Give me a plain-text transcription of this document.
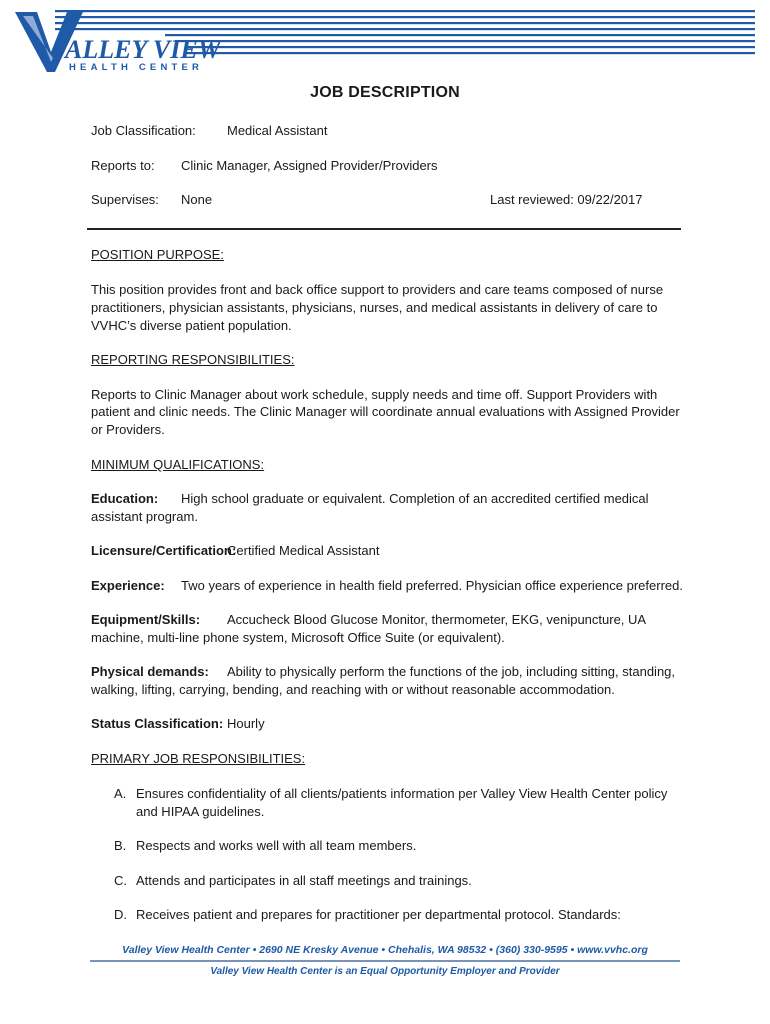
ALLEY VIEW
HEALTH CENTER
JOB DESCRIPTION
Job Classification: Medical Assistant
Reports to: Clinic Manager, Assigned Provider/Providers
Supervises: None	Last reviewed: 09/22/2017
POSITION PURPOSE:
This position provides front and back office support to providers and care teams composed of nurse
practitioners, physician assistants, physicians, nurses, and medical assistants in delivery of care to
VVHC’s diverse patient population.
REPORTING RESPONSIBILITIES:
Reports to Clinic Manager about work schedule, supply needs and time off. Support Providers with
patient and clinic needs. The Clinic Manager will coordinate annual evaluations with Assigned Provider
or Providers.
MINIMUM QUALIFICATIONS:
Education: High school graduate or equivalent. Completion of an accredited certified medical
assistant program.
Licensure/Certification:
Certified Medical Assistant
Experience: Two years of experience in health field preferred. Physician office experience preferred.
Equipment/Skills: Accucheck Blood Glucose Monitor, thermometer, EKG, venipuncture, UA
machine, multi-line phone system, Microsoft Office Suite (or equivalent).
Physical demands: Ability to physically perform the functions of the job, including sitting, standing,
walking, lifting, carrying, bending, and reaching with or without reasonable accommodation.
Status Classification: Hourly
PRIMARY JOB RESPONSIBILITIES:
A. Ensures confidentiality of all clients/patients information per Valley View Health Center policy
and HIPAA guidelines.
B. Respects and works well with all team members.
C. Attends and participates in all staff meetings and trainings.
D. Receives patient and prepares for practitioner per departmental protocol. Standards:
Valley View Health Center • 2690 NE Kresky Avenue • Chehalis, WA 98532 • (360) 330-9595 • www.vvhc.org
Valley View Health Center is an Equal Opportunity Employer and Provider
